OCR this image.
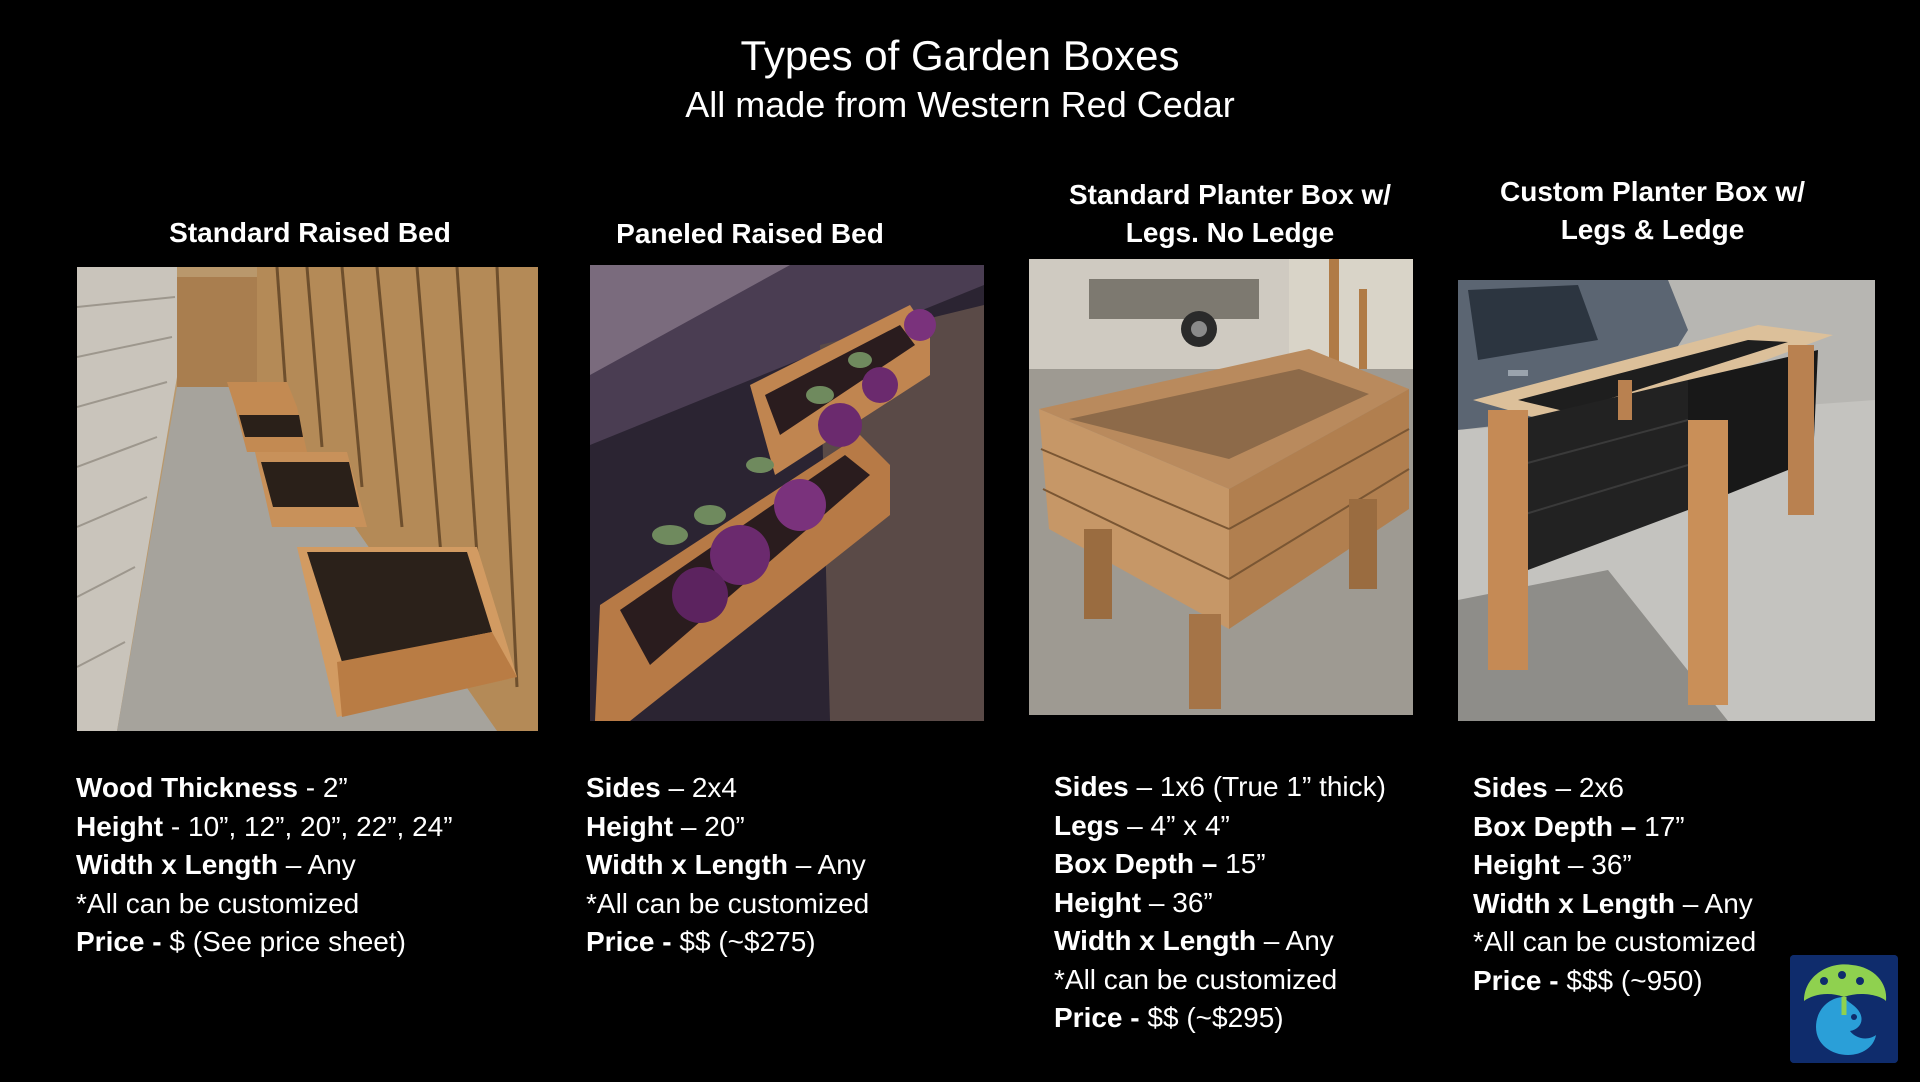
Types of Garden Boxes
All made from Western Red Cedar
Standard Raised Bed	Paneled Raised Bed
Standard Planter Box w/
Legs. No Ledge
Custom Planter Box w/
Legs & Ledge
Wood Thickness - 2”
Height - 10”, 12”, 20”, 22”, 24”
Width x Length – Any
*All can be customized
Price - $ (See price sheet)
Sides – 2x4
Height – 20”
Width x Length – Any
*All can be customized
Price - $$ (~$275)
Sides – 1x6 (True 1” thick)
Legs – 4” x 4”
Box Depth – 15”
Height – 36”
Width x Length – Any
*All can be customized
Price - $$ (~$295)
Sides – 2x6
Box Depth – 17”
Height – 36”
Width x Length – Any
*All can be customized
Price - $$$ (~950)
